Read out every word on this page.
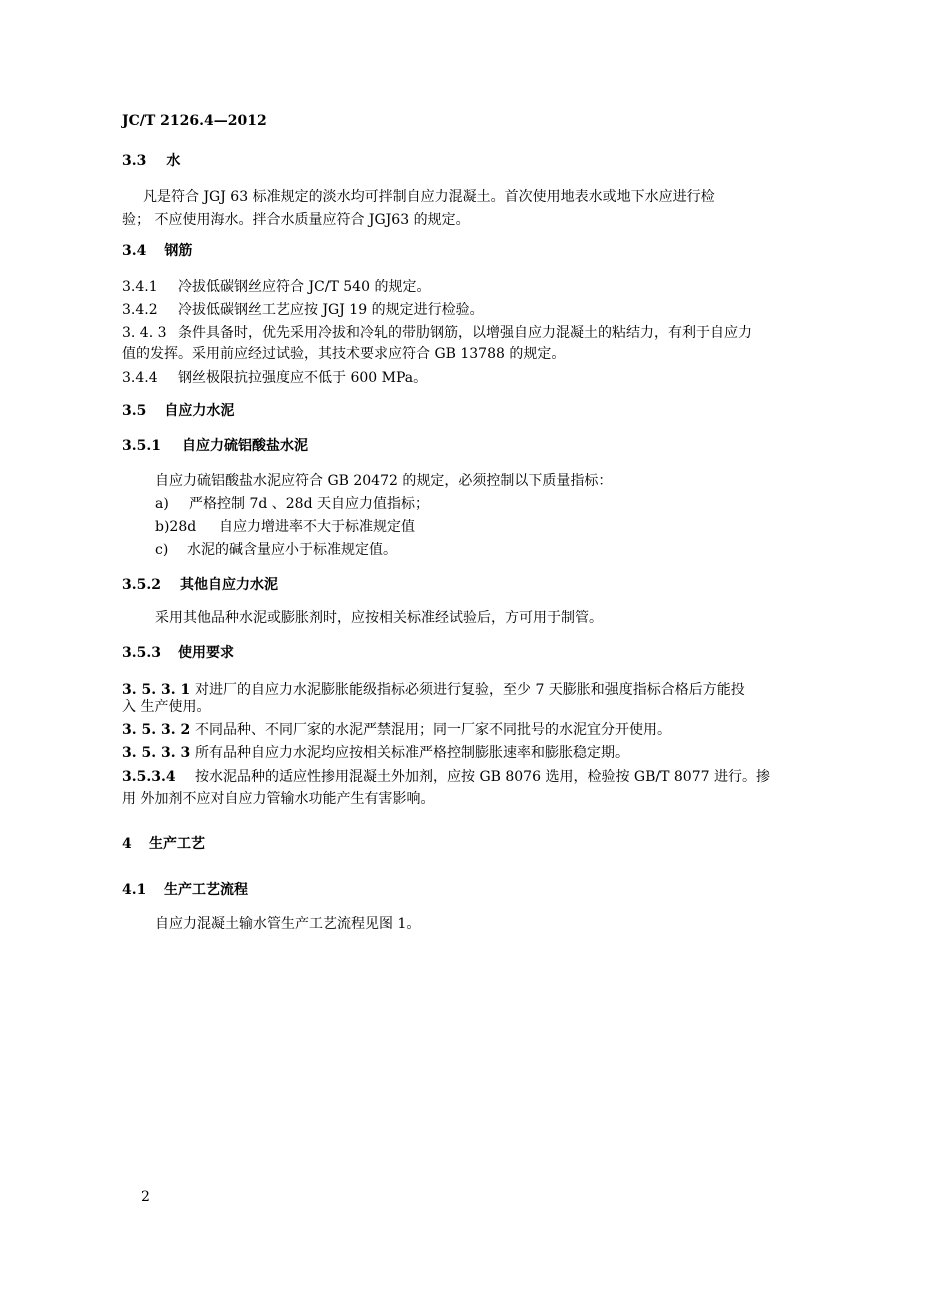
JC/T 2126.4—2012
3.3 水
凡是符合 JGJ 63 标准规定的淡水均可拌制自应力混凝土。首次使用地表水或地下水应进行检
验； 不应使用海水。拌合水质量应符合 JGJ63 的规定。
3.4 钢筋
3.4.1 冷拔低碳钢丝应符合 JC/T 540 的规定。
3.4.2 冷拔低碳钢丝工艺应按 JGJ 19 的规定进行检验。
3. 4. 3 条件具备时，优先采用冷拔和冷轧的带肋钢筋，以增强自应力混凝土的粘结力，有利于自应力
值的发挥。采用前应经过试验，其技术要求应符合 GB 13788 的规定。
3.4.4 钢丝极限抗拉强度应不低于 600 MPa。
3.5 自应力水泥
3.5.1 自应力硫铝酸盐水泥
自应力硫铝酸盐水泥应符合 GB 20472 的规定，必须控制以下质量指标：
a) 严格控制 7d 、28d 天自应力值指标；
b)28d 自应力增进率不大于标准规定值
c) 水泥的碱含量应小于标准规定值。
3.5.2 其他自应力水泥
采用其他品种水泥或膨胀剂时，应按相关标准经试验后，方可用于制管。
3.5.3 使用要求
3. 5. 3. 1 对进厂的自应力水泥膨胀能级指标必须进行复验，至少 7 天膨胀和强度指标合格后方能投
入 生产使用。
3. 5. 3. 2 不同品种、不同厂家的水泥严禁混用；同一厂家不同批号的水泥宜分开使用。
3. 5. 3. 3 所有品种自应力水泥均应按相关标准严格控制膨胀速率和膨胀稳定期。
3.5.3.4 按水泥品种的适应性掺用混凝土外加剂，应按 GB 8076 选用，检验按 GB/T 8077 进行。掺
用 外加剂不应对自应力管输水功能产生有害影响。
4 生产工艺
4.1 生产工艺流程
自应力混凝土输水管生产工艺流程见图 1。
2
